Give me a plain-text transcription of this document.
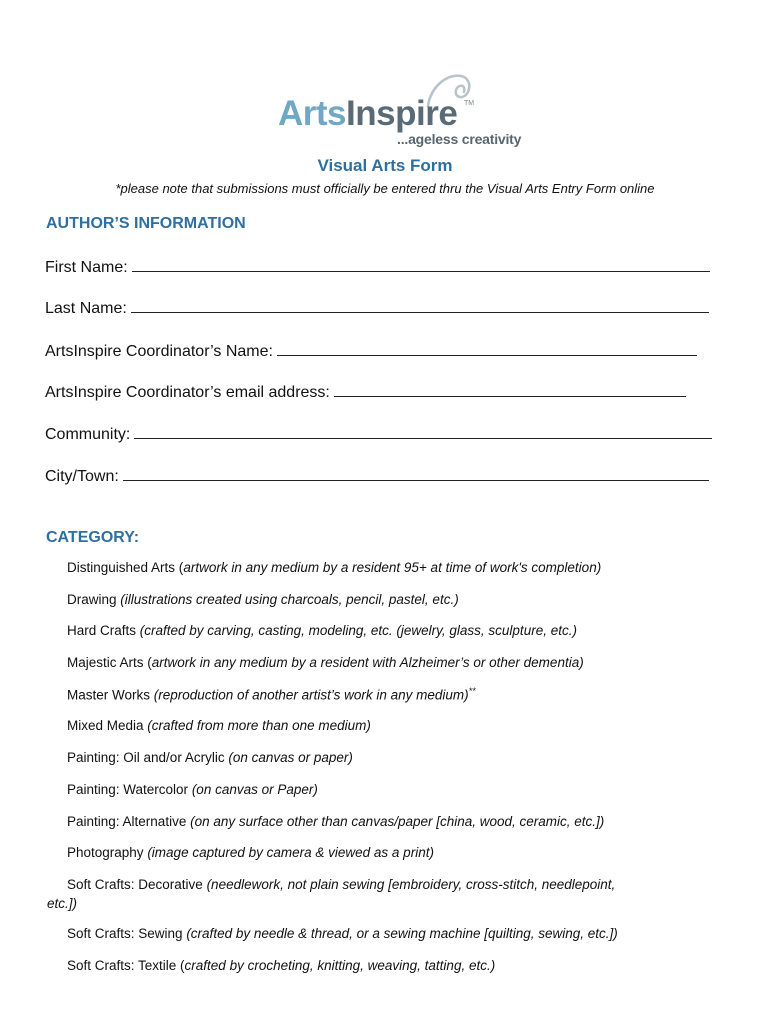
ArtsInspire TM
...ageless creativity
Visual Arts Form
*please note that submissions must officially be entered thru the Visual Arts Entry Form online
AUTHOR’S INFORMATION
First Name:
Last Name:
ArtsInspire Coordinator’s Name:
ArtsInspire Coordinator’s email address:
Community:
City/Town:
CATEGORY:
Distinguished Arts (artwork in any medium by a resident 95+ at time of work's completion)
Drawing (illustrations created using charcoals, pencil, pastel, etc.)
Hard Crafts (crafted by carving, casting, modeling, etc. (jewelry, glass, sculpture, etc.)
Majestic Arts (artwork in any medium by a resident with Alzheimer’s or other dementia)
Master Works (reproduction of another artist’s work in any medium)**
Mixed Media (crafted from more than one medium)
Painting: Oil and/or Acrylic (on canvas or paper)
Painting: Watercolor (on canvas or Paper)
Painting: Alternative (on any surface other than canvas/paper [china, wood, ceramic, etc.])
Photography (image captured by camera & viewed as a print)
Soft Crafts: Decorative (needlework, not plain sewing [embroidery, cross-stitch, needlepoint,
etc.])
Soft Crafts: Sewing (crafted by needle & thread, or a sewing machine [quilting, sewing, etc.])
Soft Crafts: Textile (crafted by crocheting, knitting, weaving, tatting, etc.)
